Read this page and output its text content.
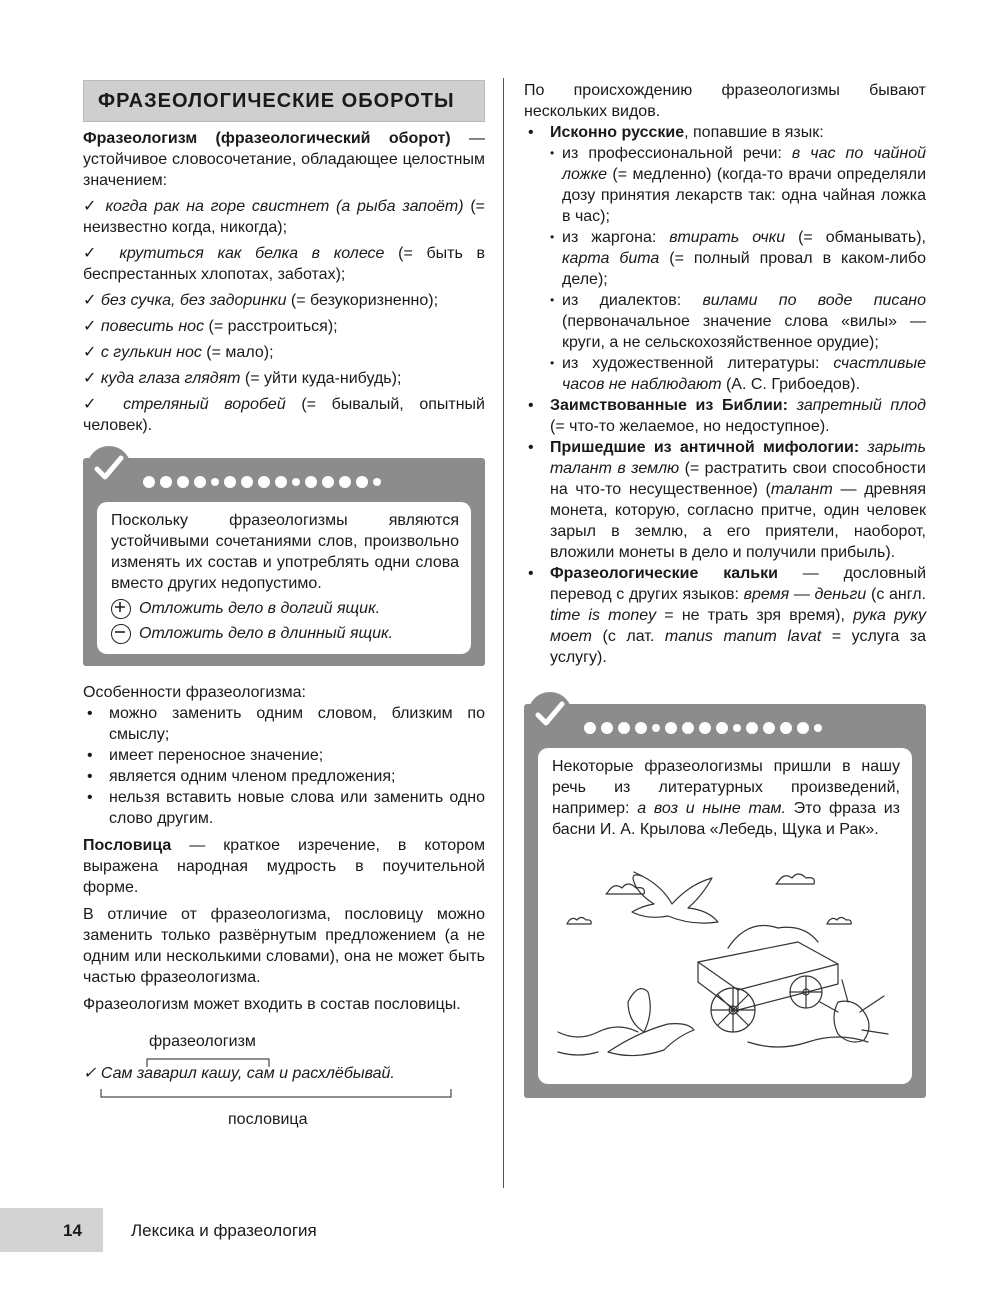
ФРАЗЕОЛОГИЧЕСКИЕ ОБОРОТЫ

Фразеологизм (фразеологический оборот) — устойчивое словосочетание, обладающее целостным значением:

✓ когда рак на горе свистнет (а рыба запоёт) (= неизвестно когда, никогда);

✓ крутиться как белка в колесе (= быть в беспрестанных хлопотах, заботах);

✓ без сучка, без задоринки (= безукоризненно);

✓ повесить нос (= расстроиться);

✓ с гулькин нос (= мало);

✓ куда глаза глядят (= уйти куда-нибудь);

✓ стреляный воробей (= бывалый, опытный человек).

Поскольку фразеологизмы являются устойчивыми сочетаниями слов, произвольно изменять их состав и употреблять одни слова вместо других недопустимо.

Отложить дело в долгий ящик.
Отложить дело в длинный ящик.

Особенности фразеологизма:

• можно заменить одним словом, близким по смыслу;
• имеет переносное значение;
• является одним членом предложения;
• нельзя вставить новые слова или заменить одно слово другим.

Пословица — краткое изречение, в котором выражена народная мудрость в поучительной форме.

В отличие от фразеологизма, пословицу можно заменить только развёрнутым предложением (а не одним или несколькими словами), она не может быть частью фразеологизма.

Фразеологизм может входить в состав пословицы.

фразеологизм
✓ Сам заварил кашу, сам и расхлёбывай.
пословица

По происхождению фразеологизмы бывают нескольких видов.

• Исконно русские, попавшие в язык:
• из профессиональной речи: в час по чайной ложке (= медленно) (когда-то врачи определяли дозу принятия лекарств так: одна чайная ложка в час);
• из жаргона: втирать очки (= обманывать), карта бита (= полный провал в каком-либо деле);
• из диалектов: вилами по воде писано (первоначальное значение слова «вилы» — круги, а не сельскохозяйственное орудие);
• из художественной литературы: счастливые часов не наблюдают (А. С. Грибоедов).
• Заимствованные из Библии: запретный плод (= что-то желаемое, но недоступное).
• Пришедшие из античной мифологии: зарыть талант в землю (= растратить свои способности на что-то несущественное) (талант — древняя монета, которую, согласно притче, один человек зарыл в землю, а его приятели, наоборот, вложили монеты в дело и получили прибыль).
• Фразеологические кальки — дословный перевод с других языков: время — деньги (с англ. time is money = не трать зря время), рука руку моет (с лат. manus manum lavat = услуга за услугу).

Некоторые фразеологизмы пришли в нашу речь из литературных произведений, например: а воз и ныне там. Это фраза из басни И. А. Крылова «Лебедь, Щука и Рак».

14	Лексика и фразеология
